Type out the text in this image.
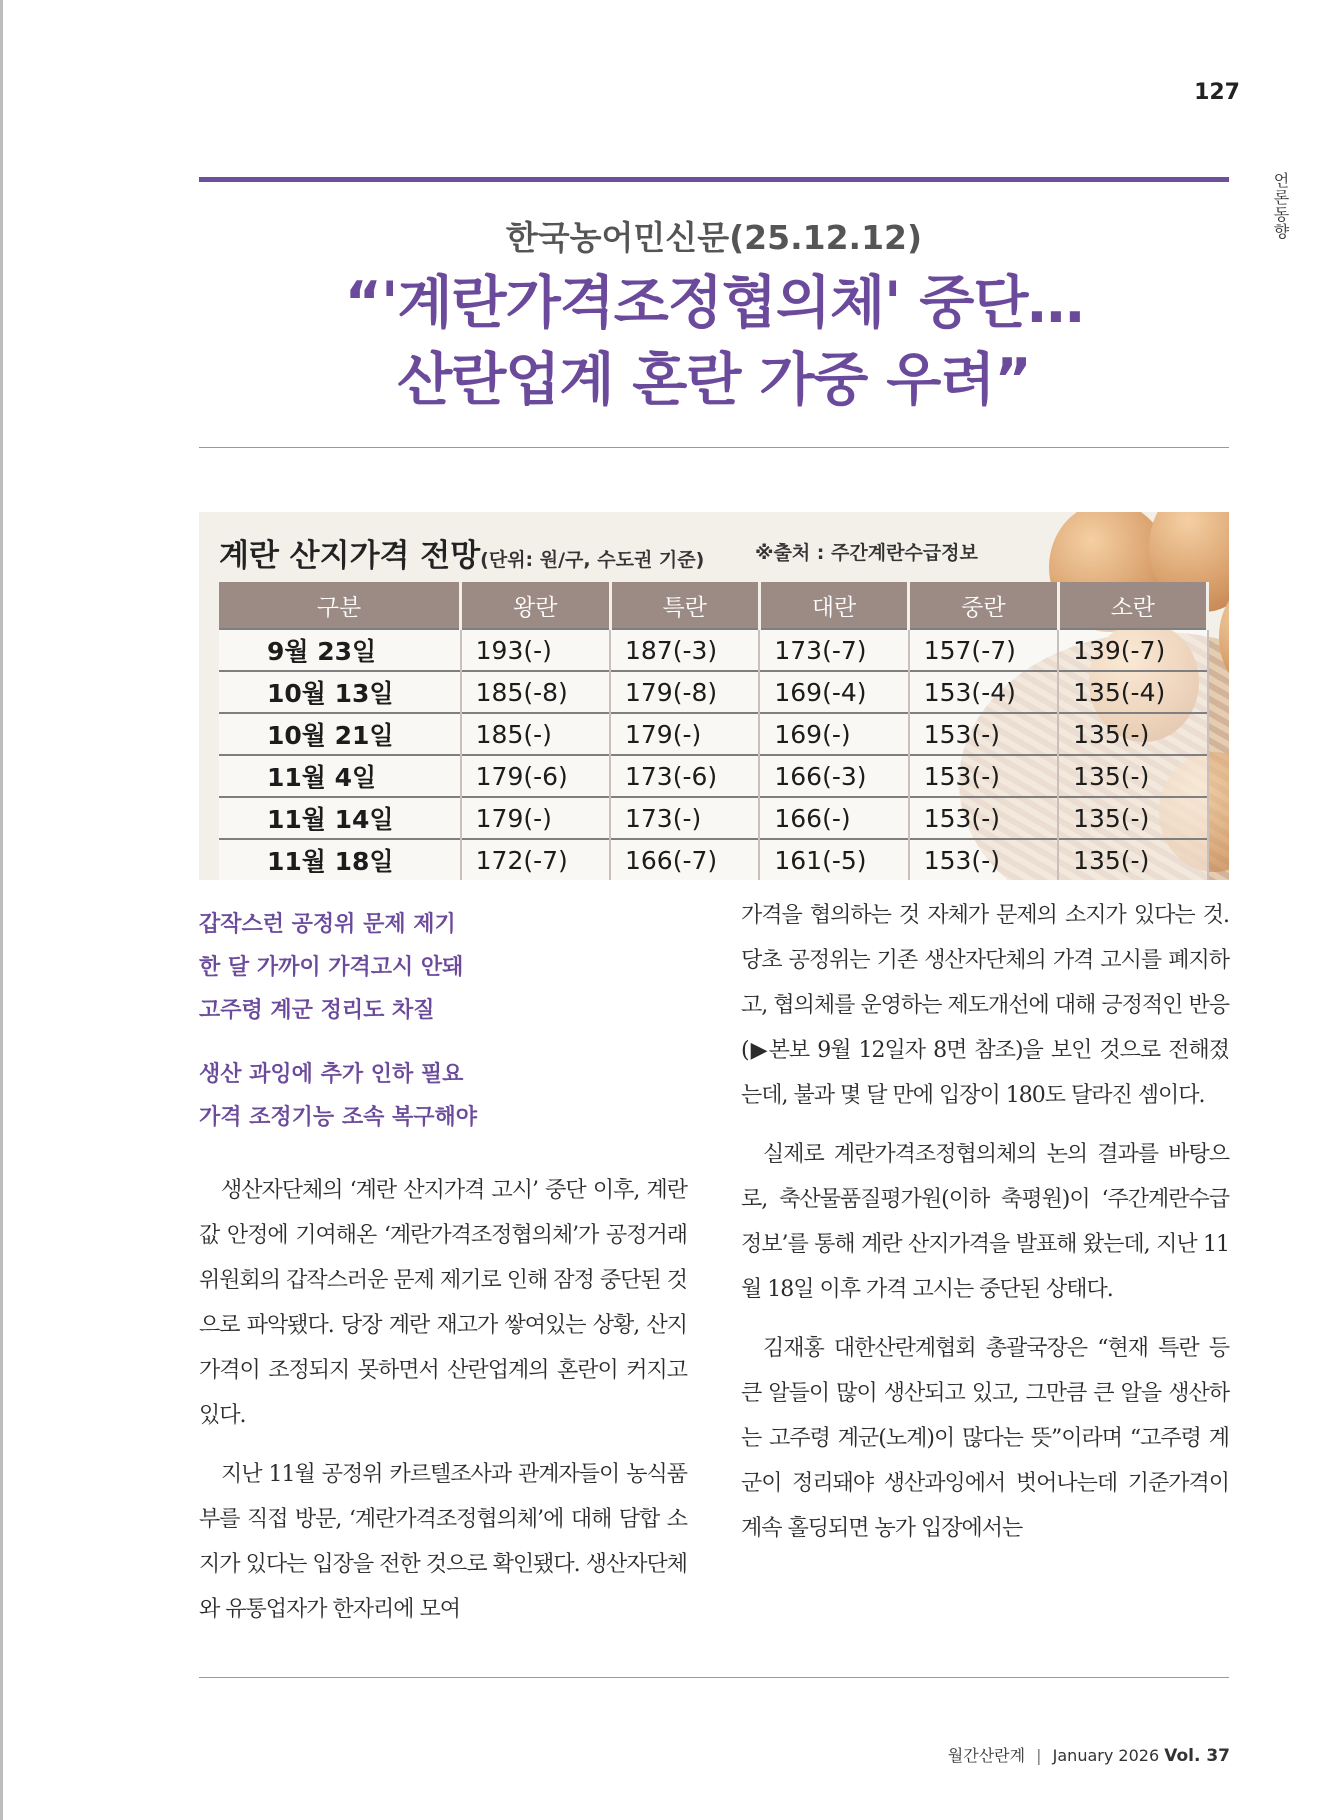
127
언론동향
한국농어민신문(25.12.12)
“'계란가격조정협의체' 중단…
산란업계 혼란 가중 우려”
계란 산지가격 전망(단위: 원/구, 수도권 기준)	※출처 : 주간계란수급정보
구분	왕란	특란	대란	중란	소란
9월 23일	193(-)	187(-3)	173(-7)	157(-7)	139(-7)
10월 13일	185(-8)	179(-8)	169(-4)	153(-4)	135(-4)
10월 21일	185(-)	179(-)	169(-)	153(-)	135(-)
11월 4일	179(-6)	173(-6)	166(-3)	153(-)	135(-)
11월 14일	179(-)	173(-)	166(-)	153(-)	135(-)
11월 18일	172(-7)	166(-7)	161(-5)	153(-)	135(-)
갑작스런 공정위 문제 제기
한 달 가까이 가격고시 안돼
고주령 계군 정리도 차질
생산 과잉에 추가 인하 필요
가격 조정기능 조속 복구해야

생산자단체의 ‘계란 산지가격 고시’ 중단 이후, 계란값 안정에 기여해온 ‘계란가격조정협의체’가 공정거래위원회의 갑작스러운 문제 제기로 인해 잠정 중단된 것으로 파악됐다. 당장 계란 재고가 쌓여있는 상황, 산지가격이 조정되지 못하면서 산란업계의 혼란이 커지고 있다.

지난 11월 공정위 카르텔조사과 관계자들이 농식품부를 직접 방문, ‘계란가격조정협의체’에 대해 담합 소지가 있다는 입장을 전한 것으로 확인됐다. 생산자단체와 유통업자가 한자리에 모여

가격을 협의하는 것 자체가 문제의 소지가 있다는 것. 당초 공정위는 기존 생산자단체의 가격 고시를 폐지하고, 협의체를 운영하는 제도개선에 대해 긍정적인 반응(▶본보 9월 12일자 8면 참조)을 보인 것으로 전해졌는데, 불과 몇 달 만에 입장이 180도 달라진 셈이다.

실제로 계란가격조정협의체의 논의 결과를 바탕으로, 축산물품질평가원(이하 축평원)이 ‘주간계란수급정보’를 통해 계란 산지가격을 발표해 왔는데, 지난 11월 18일 이후 가격 고시는 중단된 상태다.

김재홍 대한산란계협회 총괄국장은 “현재 특란 등 큰 알들이 많이 생산되고 있고, 그만큼 큰 알을 생산하는 고주령 계군(노계)이 많다는 뜻”이라며 “고주령 계군이 정리돼야 생산과잉에서 벗어나는데 기준가격이 계속 홀딩되면 농가 입장에서는

월간산란계 | January 2026 Vol. 37
